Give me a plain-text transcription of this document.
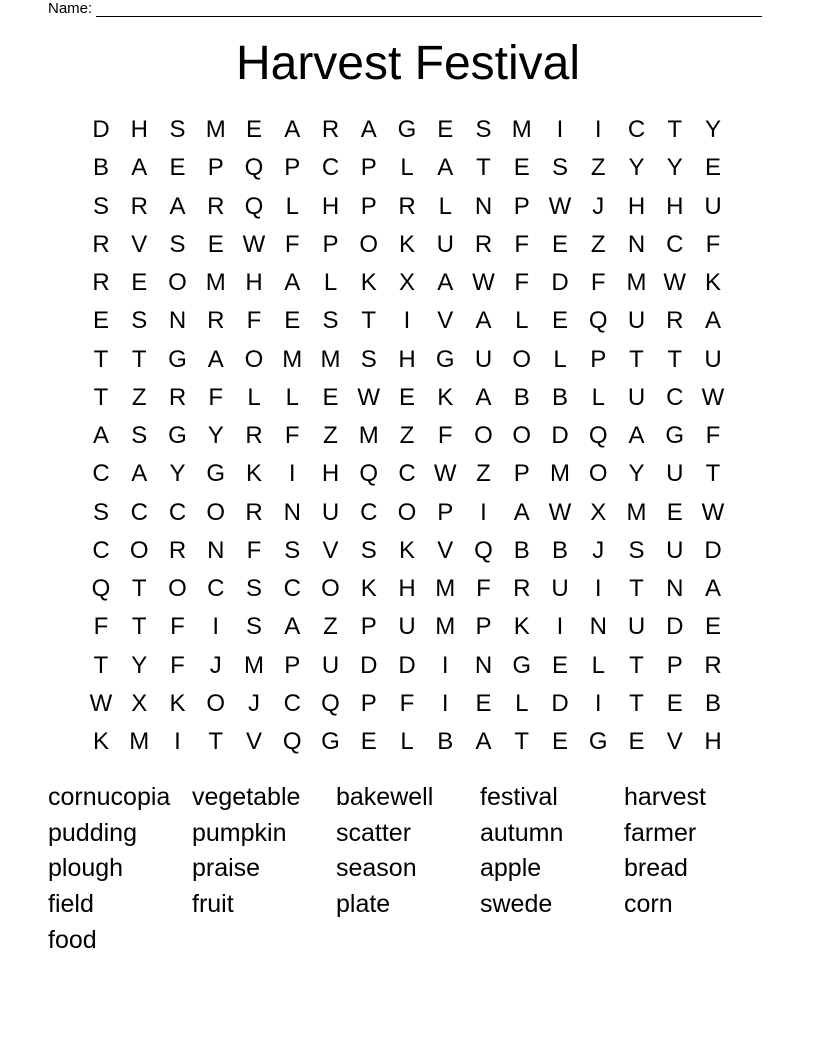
Name:
Harvest Festival
D H S M E A R A G E S M	I	I	C T Y
B A E P Q P C P L A T E S Z Y Y E
S R A R Q L H P R L N P W J H H U
R V S E W F P O K U R F E Z N C F
R E O M H A L K X A W F D F M W K
E S N R F E S T	I	V A L E Q U R A
T T G A O M M S H G U O L P T T U
T Z R F	L	L E W E K A B B L U C W
A S G Y R F Z M Z F O O D Q A G F
C A Y G K	I	H Q C W Z P M O Y U T
S C C O R N U C O P	I	A W X M E W
C O R N F S V S K V Q B B	J	S U D
Q T O C S C O K H M F R U	I	T N A
F T F	I	S A Z P U M P K	I	N U D E
T Y F	J M P U D D	I	N G E L	T P R
W X K O J C Q P F	I	E L D	I	T E B
K M	I	T V Q G E L B A T E G E V H
cornucopia vegetable bakewell festival	harvest
pudding pumpkin scatter	autumn farmer
plough	praise	season	apple	bread
field	fruit	plate	swede	corn
food
